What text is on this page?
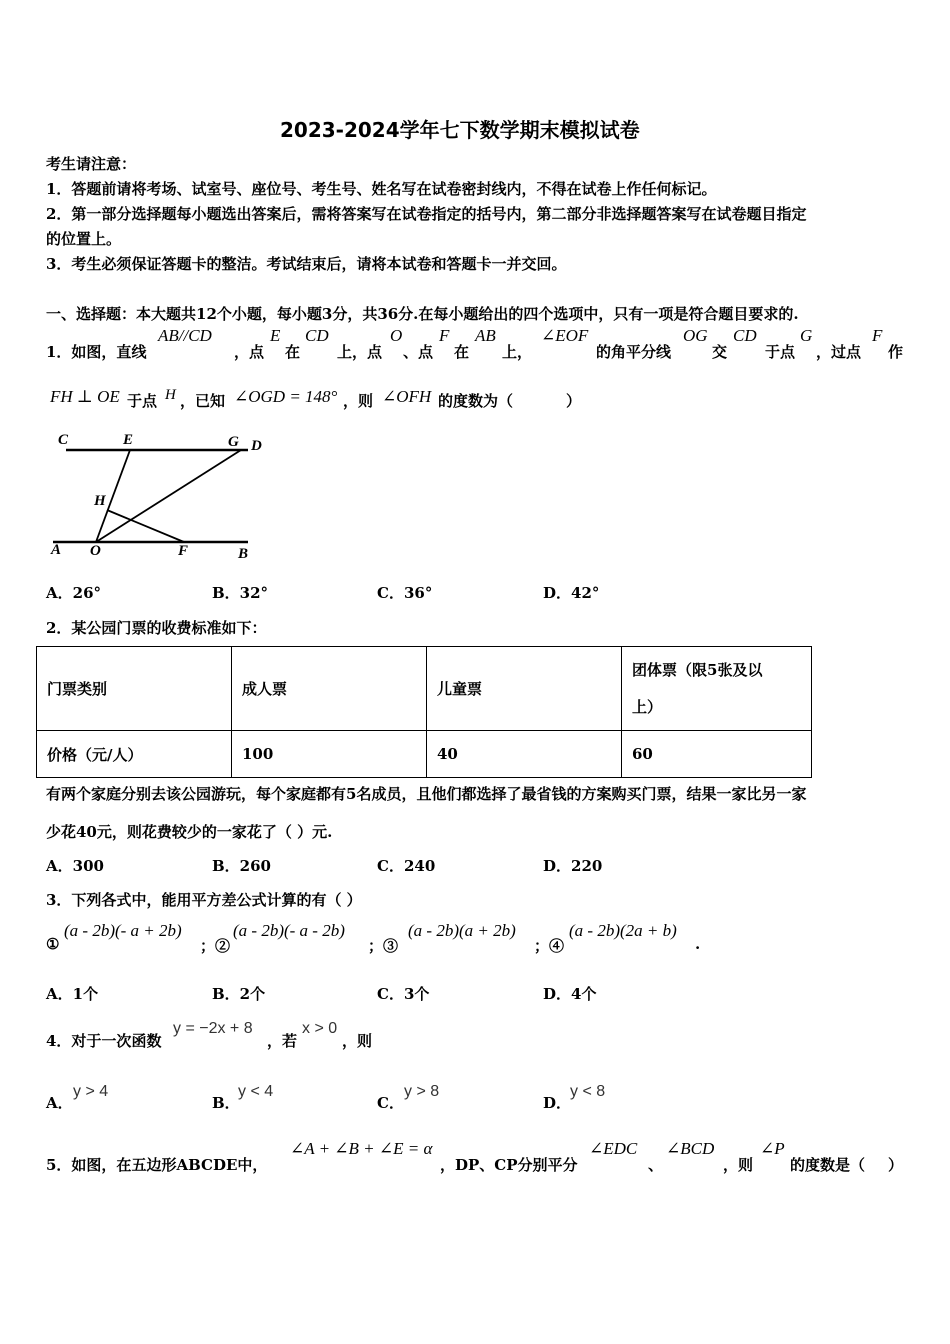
2023-2024学年七下数学期末模拟试卷
考生请注意：
1．答题前请将考场、试室号、座位号、考生号、姓名写在试卷密封线内，不得在试卷上作任何标记。
2．第一部分选择题每小题选出答案后，需将答案写在试卷指定的括号内，第二部分非选择题答案写在试卷题目指定
的位置上。
3．考生必须保证答题卡的整洁。考试结束后，请将本试卷和答题卡一并交回。
一、选择题：本大题共12个小题，每小题3分，共36分.在每小题给出的四个选项中，只有一项是符合题目要求的.
1．如图，直线
AB//CD
，点
E
在
CD
上，点
O
、点
F
在
AB
上，
∠EOF
的角平分线
OG
交
CD
于点
G
，过点
F
作
FH ⊥ OE 于点 H ，已知 ∠OGD = 148° ，则 ∠OFH 的度数为（	）
C	E	G D
H
A O	F	B
A．26°	B．32°	C．36°	D．42°
2．某公园门票的收费标准如下：
门票类别	成人票	儿童票	团体票（限5张及以
上）
价格（元/人）	100	40	60
有两个家庭分别去该公园游玩，每个家庭都有5名成员，且他们都选择了最省钱的方案购买门票，结果一家比另一家
少花40元，则花费较少的一家花了（ ）元.
A．300	B．260	C．240	D．220
3．下列各式中，能用平方差公式计算的有（ ）
①
(a - 2b)(- a + 2b)
；②
(a - 2b)(- a - 2b)
；③
(a - 2b)(a + 2b)
；④
(a - 2b)(2a + b)
.
A．1个	B．2个	C．3个	D．4个
4．对于一次函数
y = −2x + 8
，若
x > 0
，则
A．
y > 4
B．
y < 4
C．
y > 8
D．
y < 8
5．如图，在五边形ABCDE中，
∠A + ∠B + ∠E = α
，DP、CP分别平分
∠EDC
、
∠BCD
，则
∠P
的度数是（ ）
